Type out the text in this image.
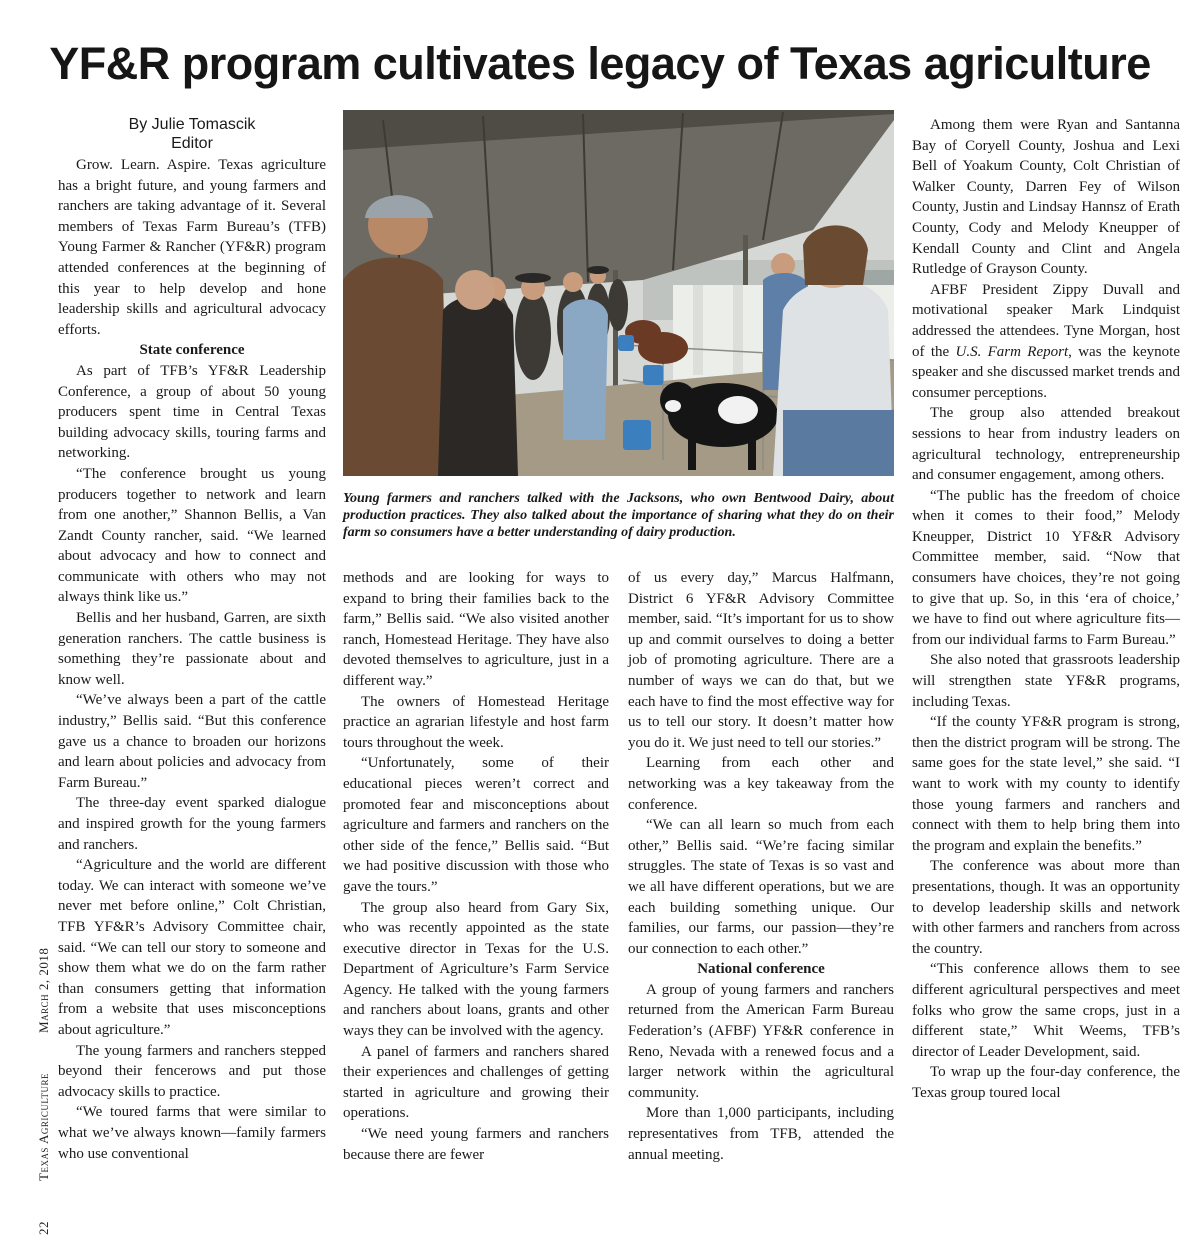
YF&R program cultivates legacy of Texas agriculture
22Texas AgricultureMarch 2, 2018
By Julie Tomascik
Editor

Grow. Learn. Aspire. Texas agriculture has a bright future, and young farmers and ranchers are taking advantage of it. Several members of Texas Farm Bureau’s (TFB) Young Farmer & Rancher (YF&R) program attended conferences at the beginning of this year to help develop and hone leadership skills and agricultural advocacy efforts.

State conference

As part of TFB’s YF&R Leadership Conference, a group of about 50 young producers spent time in Central Texas building advocacy skills, touring farms and networking.

“The conference brought us young producers together to network and learn from one another,” Shannon Bellis, a Van Zandt County rancher, said. “We learned about advocacy and how to connect and communicate with others who may not always think like us.”

Bellis and her husband, Garren, are sixth generation ranchers. The cattle business is something they’re passionate about and know well.

“We’ve always been a part of the cattle industry,” Bellis said. “But this conference gave us a chance to broaden our horizons and learn about policies and advocacy from Farm Bureau.”

The three-day event sparked dialogue and inspired growth for the young farmers and ranchers.

“Agriculture and the world are different today. We can interact with someone we’ve never met before online,” Colt Christian, TFB YF&R’s Advisory Committee chair, said. “We can tell our story to someone and show them what we do on the farm rather than consumers getting that information from a website that uses misconceptions about agriculture.”

The young farmers and ranchers stepped beyond their fencerows and put those advocacy skills to practice.

“We toured farms that were similar to what we’ve always known—family farmers who use conventional

Young farmers and ranchers talked with the Jacksons, who own Bentwood Dairy, about production practices. They also talked about the importance of sharing what they do on their farm so consumers have a better understanding of dairy production.

methods and are looking for ways to expand to bring their families back to the farm,” Bellis said. “We also visited another ranch, Homestead Heritage. They have also devoted themselves to agriculture, just in a different way.”

The owners of Homestead Heritage practice an agrarian lifestyle and host farm tours throughout the week.

“Unfortunately, some of their educational pieces weren’t correct and promoted fear and misconceptions about agriculture and farmers and ranchers on the other side of the fence,” Bellis said. “But we had positive discussion with those who gave the tours.”

The group also heard from Gary Six, who was recently appointed as the state executive director in Texas for the U.S. Department of Agriculture’s Farm Service Agency. He talked with the young farmers and ranchers about loans, grants and other ways they can be involved with the agency.

A panel of farmers and ranchers shared their experiences and challenges of getting started in agriculture and growing their operations.

“We need young farmers and ranchers because there are fewer

of us every day,” Marcus Halfmann, District 6 YF&R Advisory Committee member, said. “It’s important for us to show up and commit ourselves to doing a better job of promoting agriculture. There are a number of ways we can do that, but we each have to find the most effective way for us to tell our story. It doesn’t matter how you do it. We just need to tell our stories.”

Learning from each other and networking was a key takeaway from the conference.

“We can all learn so much from each other,” Bellis said. “We’re facing similar struggles. The state of Texas is so vast and we all have different operations, but we are each building something unique. Our families, our farms, our passion—they’re our connection to each other.”

National conference

A group of young farmers and ranchers returned from the American Farm Bureau Federation’s (AFBF) YF&R conference in Reno, Nevada with a renewed focus and a larger network within the agricultural community.

More than 1,000 participants, including representatives from TFB, attended the annual meeting.

Among them were Ryan and Santanna Bay of Coryell County, Joshua and Lexi Bell of Yoakum County, Colt Christian of Walker County, Darren Fey of Wilson County, Justin and Lindsay Hannsz of Erath County, Cody and Melody Kneupper of Kendall County and Clint and Angela Rutledge of Grayson County.

AFBF President Zippy Duvall and motivational speaker Mark Lindquist addressed the attendees. Tyne Morgan, host of the U.S. Farm Report, was the keynote speaker and she discussed market trends and consumer perceptions.

The group also attended breakout sessions to hear from industry leaders on agricultural technology, entrepreneurship and consumer engagement, among others.

“The public has the freedom of choice when it comes to their food,” Melody Kneupper, District 10 YF&R Advisory Committee member, said. “Now that consumers have choices, they’re not going to give that up. So, in this ‘era of choice,’ we have to find out where agriculture fits—from our individual farms to Farm Bureau.”

She also noted that grassroots leadership will strengthen state YF&R programs, including Texas.

“If the county YF&R program is strong, then the district program will be strong. The same goes for the state level,” she said. “I want to work with my county to identify those young farmers and ranchers and connect with them to help bring them into the program and explain the benefits.”

The conference was about more than presentations, though. It was an opportunity to develop leadership skills and network with other farmers and ranchers from across the country.

“This conference allows them to see different agricultural perspectives and meet folks who grow the same crops, just in a different state,” Whit Weems, TFB’s director of Leader Development, said.

To wrap up the four-day conference, the Texas group toured local
